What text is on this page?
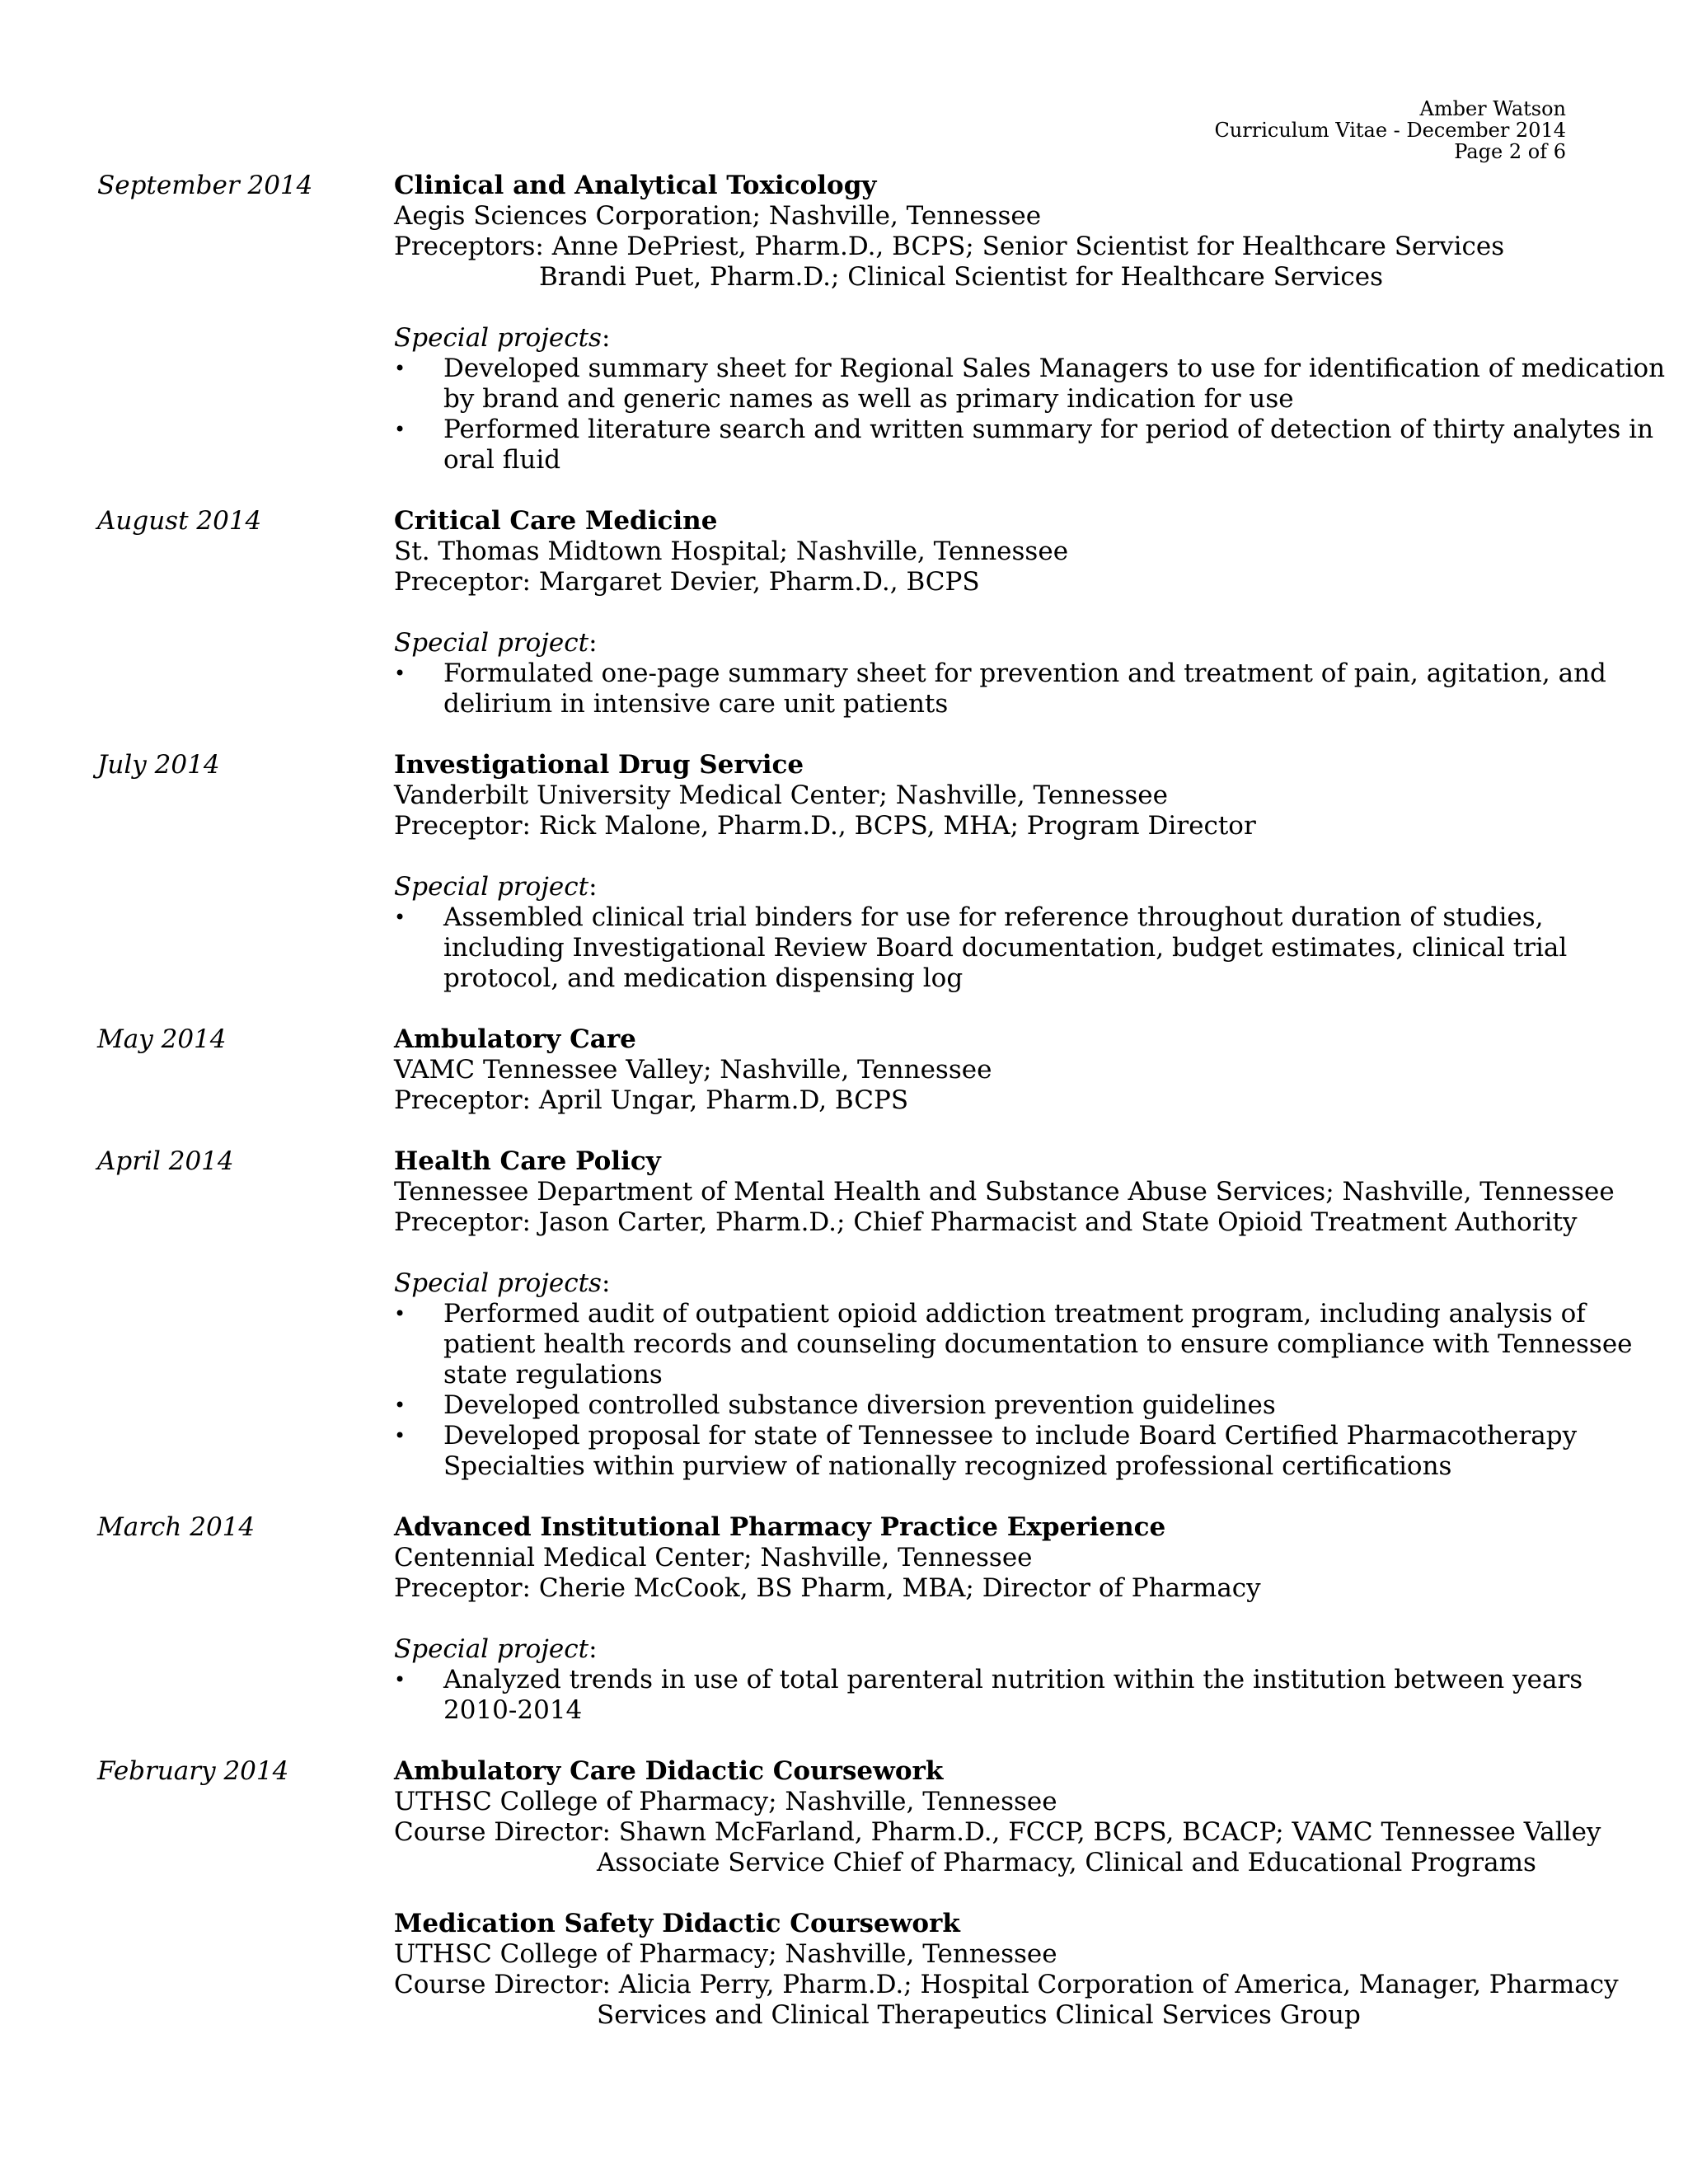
Amber Watson
Curriculum Vitae - December 2014
Page 2 of 6
September 2014	Clinical and Analytical Toxicology
Aegis Sciences Corporation; Nashville, Tennessee
Preceptors: Anne DePriest, Pharm.D., BCPS; Senior Scientist for Healthcare Services
Brandi Puet, Pharm.D.; Clinical Scientist for Healthcare Services
Special projects:
• Developed summary sheet for Regional Sales Managers to use for identification of medication
by brand and generic names as well as primary indication for use
• Performed literature search and written summary for period of detection of thirty analytes in
oral fluid
August 2014	Critical Care Medicine
St. Thomas Midtown Hospital; Nashville, Tennessee
Preceptor: Margaret Devier, Pharm.D., BCPS
Special project:
• Formulated one-page summary sheet for prevention and treatment of pain, agitation, and
delirium in intensive care unit patients
July 2014	Investigational Drug Service
Vanderbilt University Medical Center; Nashville, Tennessee
Preceptor: Rick Malone, Pharm.D., BCPS, MHA; Program Director
Special project:
• Assembled clinical trial binders for use for reference throughout duration of studies,
including Investigational Review Board documentation, budget estimates, clinical trial
protocol, and medication dispensing log
May 2014	Ambulatory Care
VAMC Tennessee Valley; Nashville, Tennessee
Preceptor: April Ungar, Pharm.D, BCPS
April 2014	Health Care Policy
Tennessee Department of Mental Health and Substance Abuse Services; Nashville, Tennessee
Preceptor: Jason Carter, Pharm.D.; Chief Pharmacist and State Opioid Treatment Authority
Special projects:
• Performed audit of outpatient opioid addiction treatment program, including analysis of
patient health records and counseling documentation to ensure compliance with Tennessee
state regulations
• Developed controlled substance diversion prevention guidelines
• Developed proposal for state of Tennessee to include Board Certified Pharmacotherapy
Specialties within purview of nationally recognized professional certifications
March 2014	Advanced Institutional Pharmacy Practice Experience
Centennial Medical Center; Nashville, Tennessee
Preceptor: Cherie McCook, BS Pharm, MBA; Director of Pharmacy
Special project:
• Analyzed trends in use of total parenteral nutrition within the institution between years
2010-2014
February 2014	Ambulatory Care Didactic Coursework
UTHSC College of Pharmacy; Nashville, Tennessee
Course Director: Shawn McFarland, Pharm.D., FCCP, BCPS, BCACP; VAMC Tennessee Valley
Associate Service Chief of Pharmacy, Clinical and Educational Programs
Medication Safety Didactic Coursework
UTHSC College of Pharmacy; Nashville, Tennessee
Course Director: Alicia Perry, Pharm.D.; Hospital Corporation of America, Manager, Pharmacy
Services and Clinical Therapeutics Clinical Services Group
